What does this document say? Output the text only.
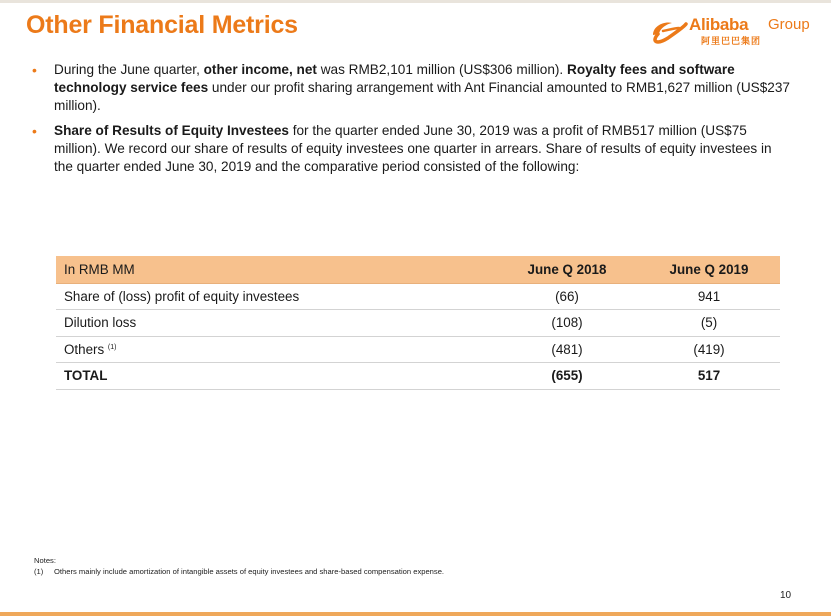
Other Financial Metrics	Alibaba Group
阿里巴巴集团
• During the June quarter, other income, net was RMB2,101 million (US$306 million). Royalty fees and software technology service fees under our profit sharing arrangement with Ant Financial amounted to RMB1,627 million (US$237 million).
• Share of Results of Equity Investees for the quarter ended June 30, 2019 was a profit of RMB517 million (US$75 million). We record our share of results of equity investees one quarter in arrears. Share of results of equity investees in the quarter ended June 30, 2019 and the comparative period consisted of the following:
In RMB MM	June Q 2018	June Q 2019
Share of (loss) profit of equity investees	(66)	941
Dilution loss	(108)	(5)
Others $^{(1)}$	(481)	(419)
TOTAL	(655)	517
Notes:
(1) Others mainly include amortization of intangible assets of equity investees and share-based compensation expense.
10
